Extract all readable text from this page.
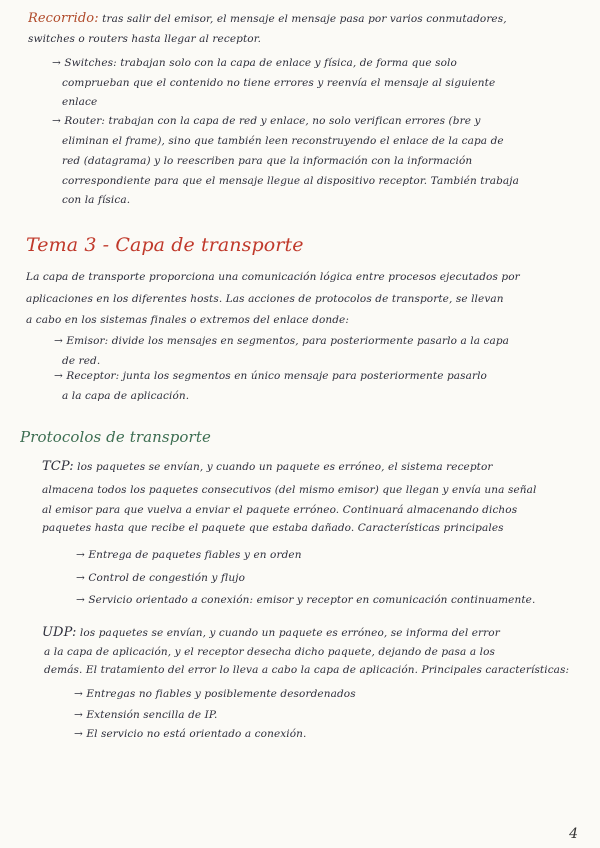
Recorrido: tras salir del emisor, el mensaje el mensaje pasa por varios conmutadores,
switches o routers hasta llegar al receptor.
→ Switches: trabajan solo con la capa de enlace y física, de forma que solo
comprueban que el contenido no tiene errores y reenvía el mensaje al siguiente
enlace
→ Router: trabajan con la capa de red y enlace, no solo verifican errores (bre y
eliminan el frame), sino que también leen reconstruyendo el enlace de la capa de
red (datagrama) y lo reescriben para que la información con la información
correspondiente para que el mensaje llegue al dispositivo receptor. También trabaja
con la física.
Tema 3 - Capa de transporte
La capa de transporte proporciona una comunicación lógica entre procesos ejecutados por
aplicaciones en los diferentes hosts. Las acciones de protocolos de transporte, se llevan
a cabo en los sistemas finales o extremos del enlace donde:
→ Emisor: divide los mensajes en segmentos, para posteriormente pasarlo a la capa
de red.
→ Receptor: junta los segmentos en único mensaje para posteriormente pasarlo
a la capa de aplicación.
Protocolos de transporte
TCP: los paquetes se envían, y cuando un paquete es erróneo, el sistema receptor
almacena todos los paquetes consecutivos (del mismo emisor) que llegan y envía una señal
al emisor para que vuelva a enviar el paquete erróneo. Continuará almacenando dichos
paquetes hasta que recibe el paquete que estaba dañado. Características principales
→ Entrega de paquetes fiables y en orden
→ Control de congestión y flujo
→ Servicio orientado a conexión: emisor y receptor en comunicación continuamente.
UDP: los paquetes se envían, y cuando un paquete es erróneo, se informa del error
a la capa de aplicación, y el receptor desecha dicho paquete, dejando de pasa a los
demás. El tratamiento del error lo lleva a cabo la capa de aplicación. Principales características:
→ Entregas no fiables y posiblemente desordenados
→ Extensión sencilla de IP.
→ El servicio no está orientado a conexión.
4
